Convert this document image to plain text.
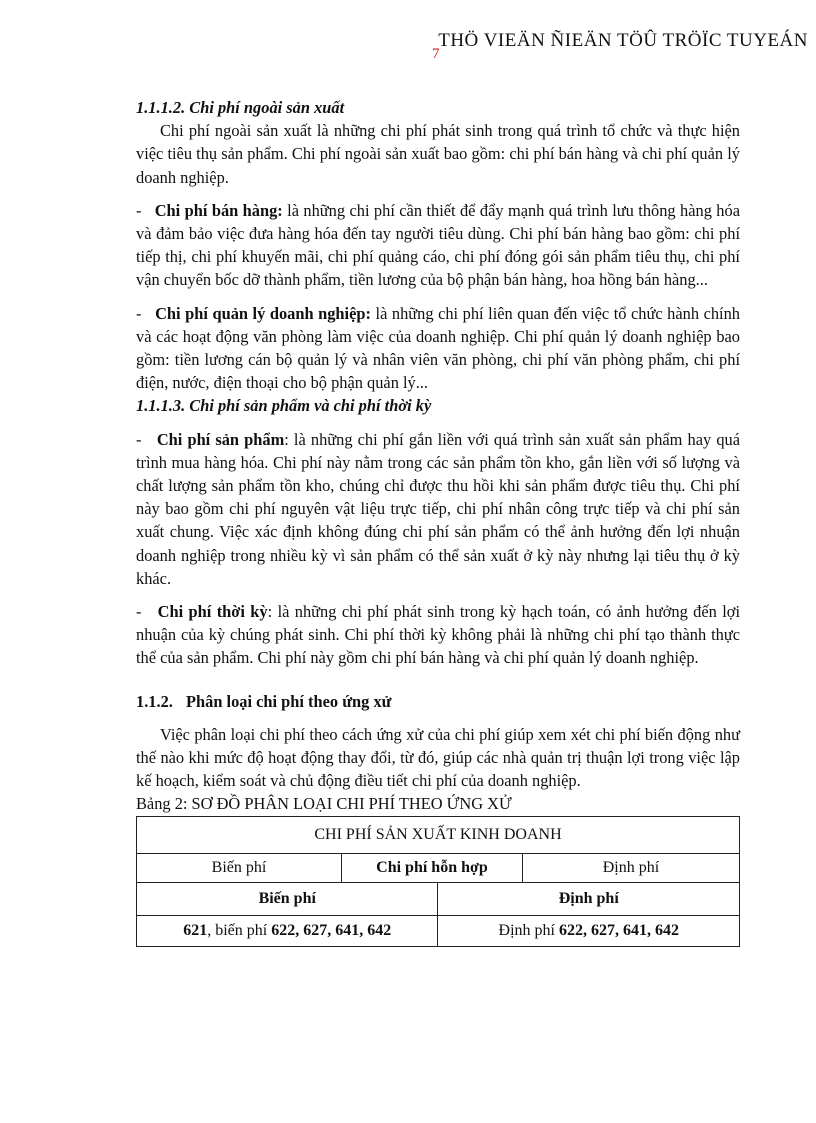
THÖ VIEÄN ÑIEÄN TÖÛ TRÖÏC TUYEÁN
7

1.1.1.2. Chi phí ngoài sản xuất

Chi phí ngoài sản xuất là những chi phí phát sinh trong quá trình tổ chức và thực hiện việc tiêu thụ sản phẩm. Chi phí ngoài sản xuất bao gồm: chi phí bán hàng và chi phí quản lý doanh nghiệp.

-   Chi phí bán hàng: là những chi phí cần thiết để đẩy mạnh quá trình lưu thông hàng hóa và đảm bảo việc đưa hàng hóa đến tay người tiêu dùng. Chi phí bán hàng bao gồm: chi phí tiếp thị, chi phí khuyến mãi, chi phí quảng cáo, chi phí đóng gói sản phẩm tiêu thụ, chi phí vận chuyển bốc dỡ thành phẩm, tiền lương của bộ phận bán hàng, hoa hồng bán hàng...

-   Chi phí quản lý doanh nghiệp: là những chi phí liên quan đến việc tổ chức hành chính và các hoạt động văn phòng làm việc của doanh nghiệp. Chi phí quản lý doanh nghiệp bao gồm: tiền lương cán bộ quản lý và nhân viên văn phòng, chi phí văn phòng phẩm, chi phí điện, nước, điện thoại cho bộ phận quản lý...

1.1.1.3. Chi phí sản phẩm và chi phí thời kỳ

-   Chi phí sản phẩm: là những chi phí gắn liền với quá trình sản xuất sản phẩm hay quá trình mua hàng hóa. Chi phí này nằm trong các sản phẩm tồn kho, gắn liền với số lượng và chất lượng sản phẩm tồn kho, chúng chỉ được thu hồi khi sản phẩm được tiêu thụ. Chi phí này bao gồm chi phí nguyên vật liệu trực tiếp, chi phí nhân công trực tiếp và chi phí sản xuất chung. Việc xác định không đúng chi phí sản phẩm có thể ảnh hưởng đến lợi nhuận doanh nghiệp trong nhiều kỳ vì sản phẩm có thể sản xuất ở kỳ này nhưng lại tiêu thụ ở kỳ khác.

-   Chi phí thời kỳ: là những chi phí phát sinh trong kỳ hạch toán, có ảnh hưởng đến lợi nhuận của kỳ chúng phát sinh. Chi phí thời kỳ không phải là những chi phí tạo thành thực thể của sản phẩm. Chi phí này gồm chi phí bán hàng và chi phí quản lý doanh nghiệp.

1.1.2. Phân loại chi phí theo ứng xử

Việc phân loại chi phí theo cách ứng xử của chi phí giúp xem xét chi phí biến động như thế nào khi mức độ hoạt động thay đổi, từ đó, giúp các nhà quản trị thuận lợi trong việc lập kế hoạch, kiểm soát và chủ động điều tiết chi phí của doanh nghiệp.

Bảng 2: SƠ ĐỒ PHÂN LOẠI CHI PHÍ THEO ỨNG XỬ

CHI PHÍ SẢN XUẤT KINH DOANH			
Biến phí	Chi phí hỗn hợp		Định phí
Biến phí		Định phí	
621, biến phí 622, 627, 641, 642		Định phí 622, 627, 641, 642	
